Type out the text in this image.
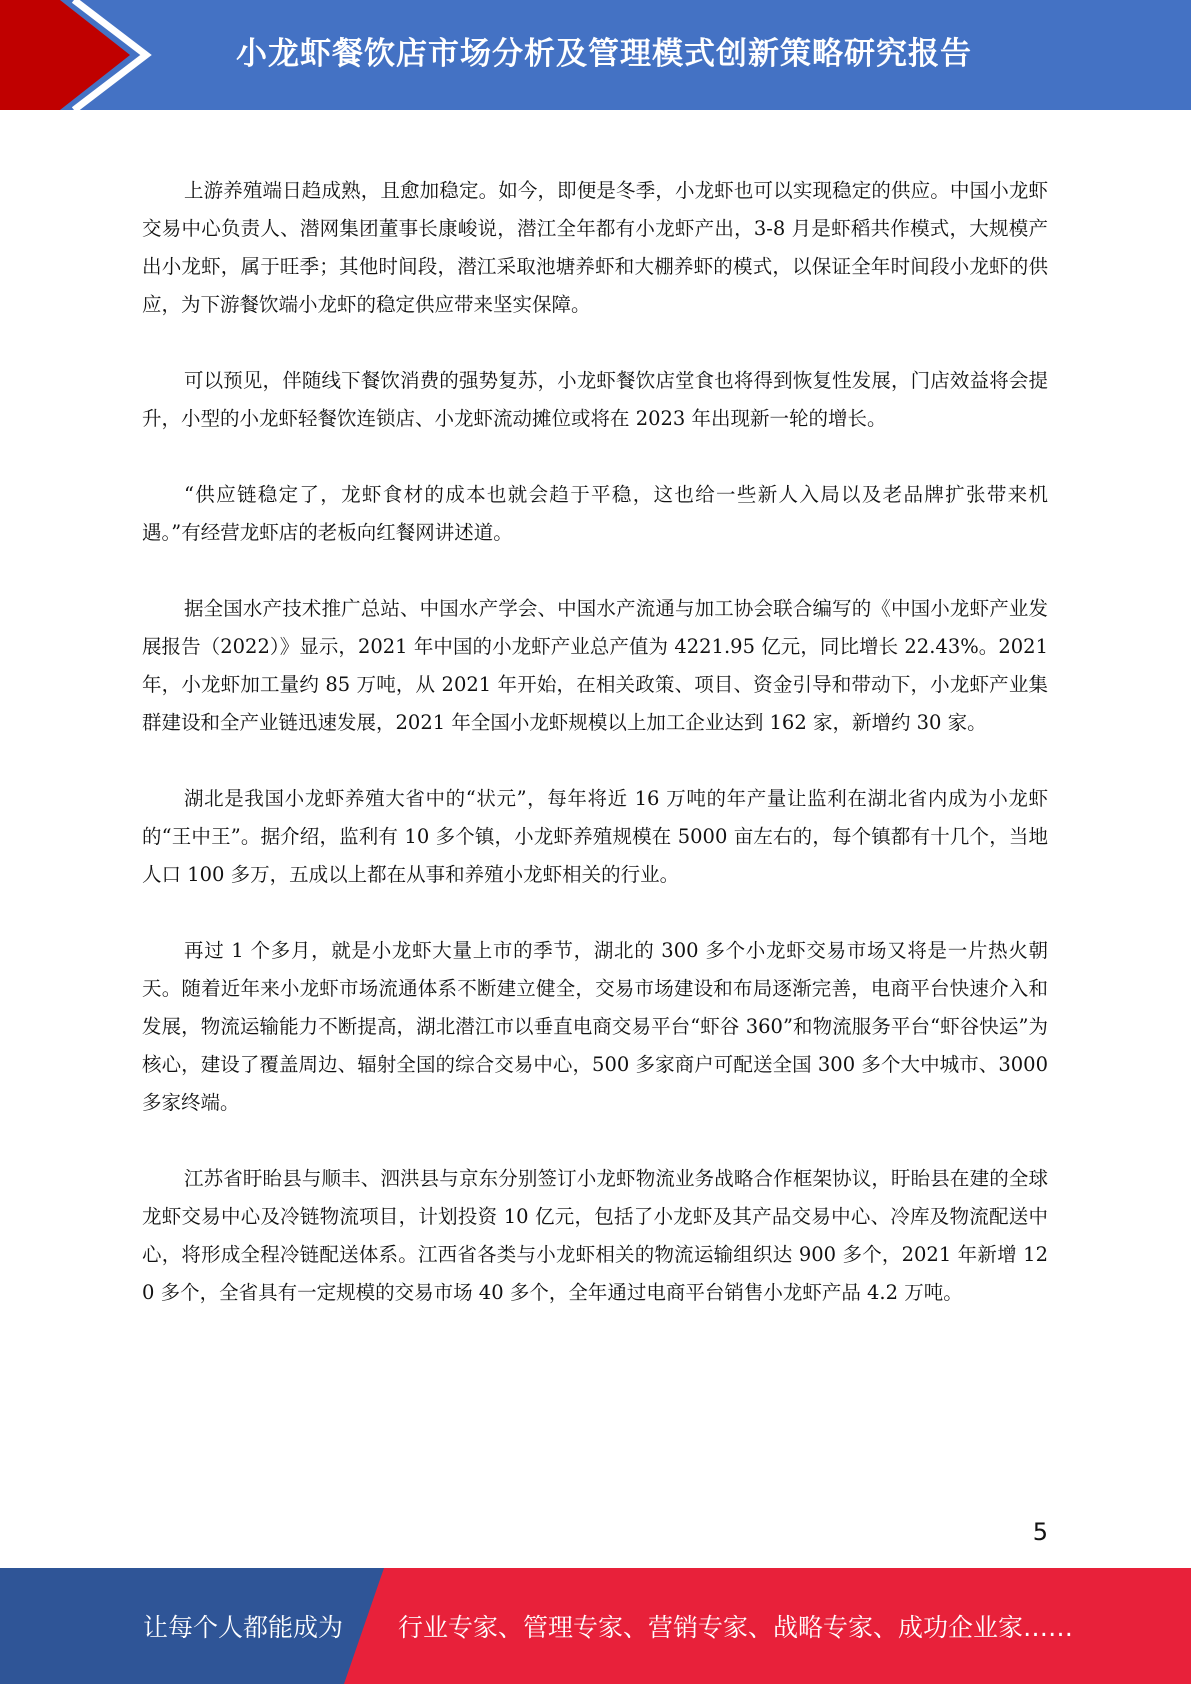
小龙虾餐饮店市场分析及管理模式创新策略研究报告

上游养殖端日趋成熟，且愈加稳定。如今，即便是冬季，小龙虾也可以实现稳定的供应。中国小龙虾交易中心负责人、潜网集团董事长康峻说，潜江全年都有小龙虾产出，3-8 月是虾稻共作模式，大规模产出小龙虾，属于旺季；其他时间段，潜江采取池塘养虾和大棚养虾的模式，以保证全年时间段小龙虾的供应，为下游餐饮端小龙虾的稳定供应带来坚实保障。

可以预见，伴随线下餐饮消费的强势复苏，小龙虾餐饮店堂食也将得到恢复性发展，门店效益将会提升，小型的小龙虾轻餐饮连锁店、小龙虾流动摊位或将在 2023 年出现新一轮的增长。

“供应链稳定了，龙虾食材的成本也就会趋于平稳，这也给一些新人入局以及老品牌扩张带来机遇。”有经营龙虾店的老板向红餐网讲述道。

据全国水产技术推广总站、中国水产学会、中国水产流通与加工协会联合编写的《中国小龙虾产业发展报告（2022）》显示，2021 年中国的小龙虾产业总产值为 4221.95 亿元，同比增长 22.43%。2021 年，小龙虾加工量约 85 万吨，从 2021 年开始，在相关政策、项目、资金引导和带动下，小龙虾产业集群建设和全产业链迅速发展，2021 年全国小龙虾规模以上加工企业达到 162 家，新增约 30 家。

湖北是我国小龙虾养殖大省中的“状元”，每年将近 16 万吨的年产量让监利在湖北省内成为小龙虾的“王中王”。据介绍，监利有 10 多个镇，小龙虾养殖规模在 5000 亩左右的，每个镇都有十几个，当地人口 100 多万，五成以上都在从事和养殖小龙虾相关的行业。

再过 1 个多月，就是小龙虾大量上市的季节，湖北的 300 多个小龙虾交易市场又将是一片热火朝天。随着近年来小龙虾市场流通体系不断建立健全，交易市场建设和布局逐渐完善，电商平台快速介入和发展，物流运输能力不断提高，湖北潜江市以垂直电商交易平台“虾谷 360”和物流服务平台“虾谷快运”为核心，建设了覆盖周边、辐射全国的综合交易中心，500 多家商户可配送全国 300 多个大中城市、3000 多家终端。

江苏省盱眙县与顺丰、泗洪县与京东分别签订小龙虾物流业务战略合作框架协议，盱眙县在建的全球龙虾交易中心及冷链物流项目，计划投资 10 亿元，包括了小龙虾及其产品交易中心、冷库及物流配送中心，将形成全程冷链配送体系。江西省各类与小龙虾相关的物流运输组织达 900 多个，2021 年新增 120 多个，全省具有一定规模的交易市场 40 多个，全年通过电商平台销售小龙虾产品 4.2 万吨。

5
让每个人都能成为 行业专家、管理专家、营销专家、战略专家、成功企业家……
